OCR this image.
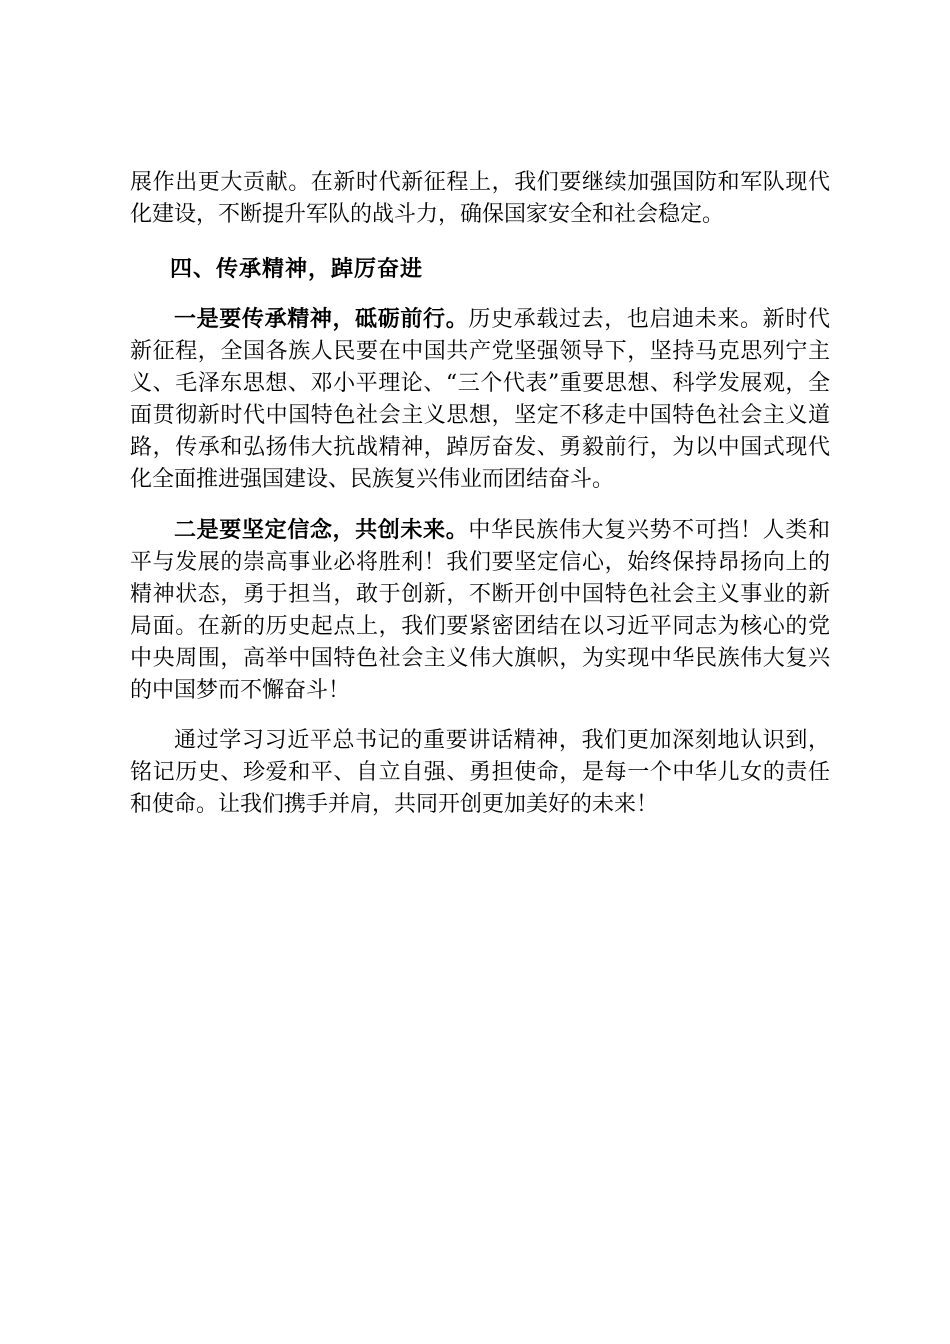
展作出更大贡献。在新时代新征程上，我们要继续加强国防和军队现代化建设，不断提升军队的战斗力，确保国家安全和社会稳定。

四、传承精神，踔厉奋进

一是要传承精神，砥砺前行。历史承载过去，也启迪未来。新时代新征程，全国各族人民要在中国共产党坚强领导下，坚持马克思列宁主义、毛泽东思想、邓小平理论、“三个代表”重要思想、科学发展观，全面贯彻新时代中国特色社会主义思想，坚定不移走中国特色社会主义道路，传承和弘扬伟大抗战精神，踔厉奋发、勇毅前行，为以中国式现代化全面推进强国建设、民族复兴伟业而团结奋斗。

二是要坚定信念，共创未来。中华民族伟大复兴势不可挡！人类和平与发展的崇高事业必将胜利！我们要坚定信心，始终保持昂扬向上的精神状态，勇于担当，敢于创新，不断开创中国特色社会主义事业的新局面。在新的历史起点上，我们要紧密团结在以习近平同志为核心的党中央周围，高举中国特色社会主义伟大旗帜，为实现中华民族伟大复兴的中国梦而不懈奋斗！

通过学习习近平总书记的重要讲话精神，我们更加深刻地认识到，铭记历史、珍爱和平、自立自强、勇担使命，是每一个中华儿女的责任和使命。让我们携手并肩，共同开创更加美好的未来！
